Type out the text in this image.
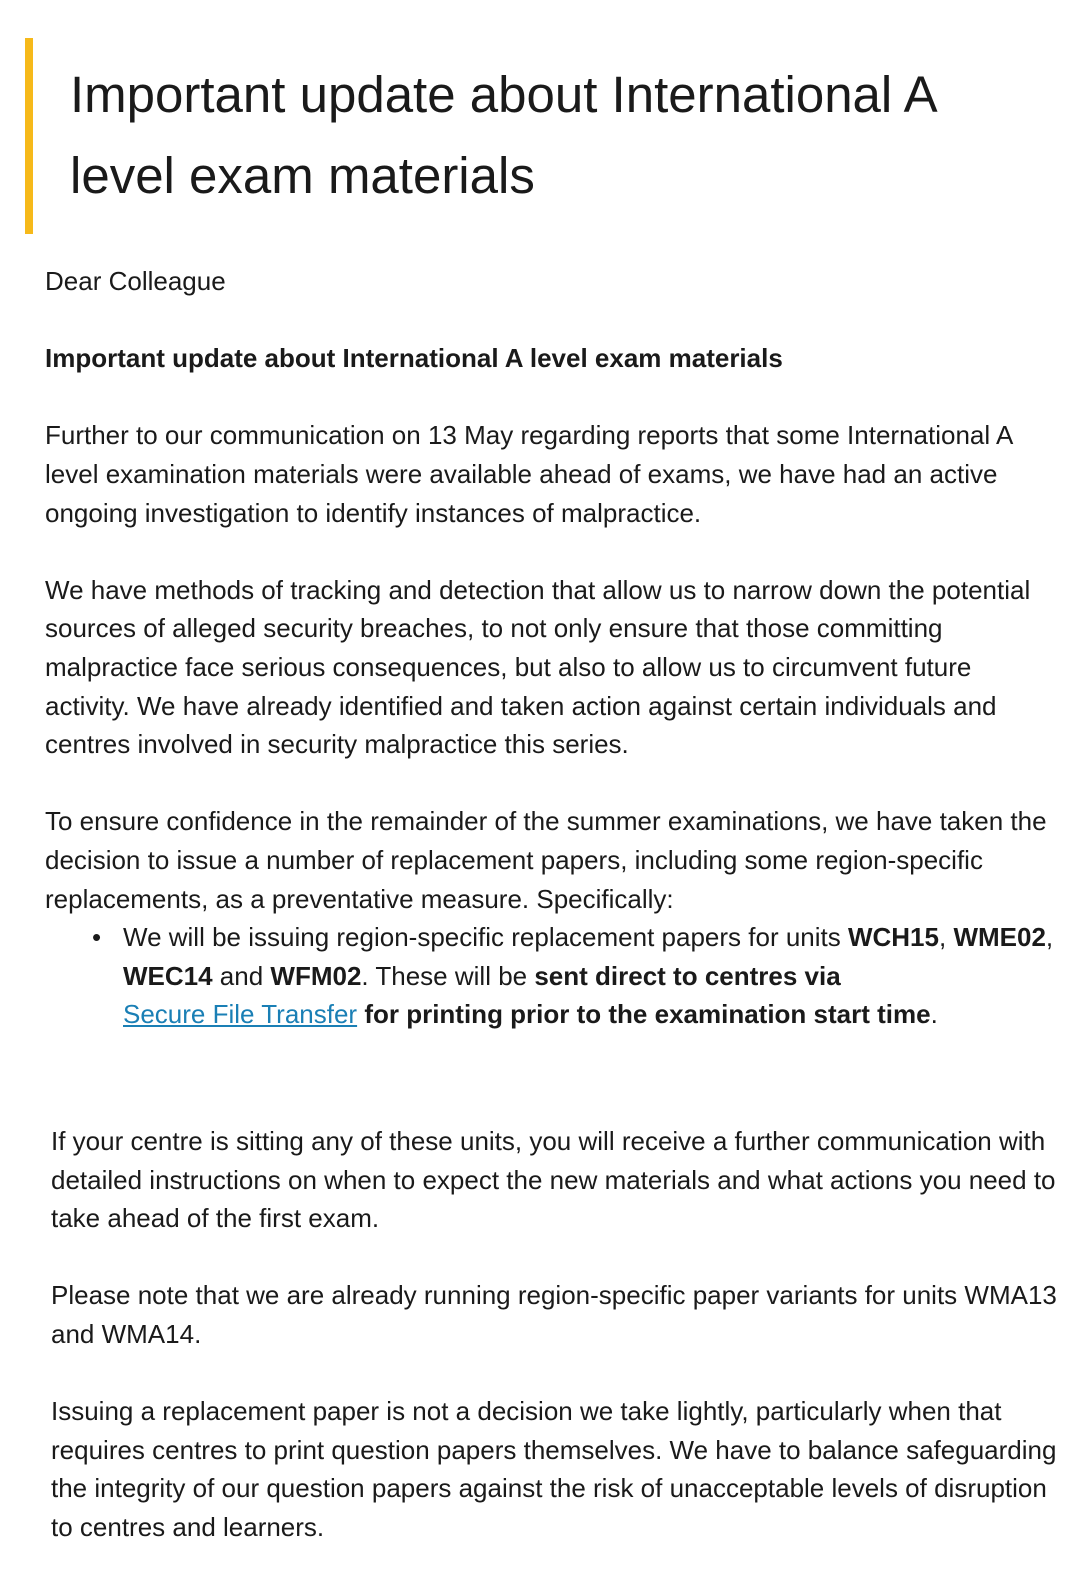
Important update about International A
level exam materials

Dear Colleague

Important update about International A level exam materials

Further to our communication on 13 May regarding reports that some International A level examination materials were available ahead of exams, we have had an active ongoing investigation to identify instances of malpractice.

We have methods of tracking and detection that allow us to narrow down the potential sources of alleged security breaches, to not only ensure that those committing malpractice face serious consequences, but also to allow us to circumvent future activity. We have already identified and taken action against certain individuals and centres involved in security malpractice this series.

To ensure confidence in the remainder of the summer examinations, we have taken the decision to issue a number of replacement papers, including some region-specific replacements, as a preventative measure. Specifically:

• We will be issuing region-specific replacement papers for units WCH15, WME02, WEC14 and WFM02. These will be sent direct to centres via
Secure File Transfer for printing prior to the examination start time.

If your centre is sitting any of these units, you will receive a further communication with detailed instructions on when to expect the new materials and what actions you need to take ahead of the first exam.

Please note that we are already running region-specific paper variants for units WMA13 and WMA14.

Issuing a replacement paper is not a decision we take lightly, particularly when that requires centres to print question papers themselves. We have to balance safeguarding the integrity of our question papers against the risk of unacceptable levels of disruption to centres and learners.
